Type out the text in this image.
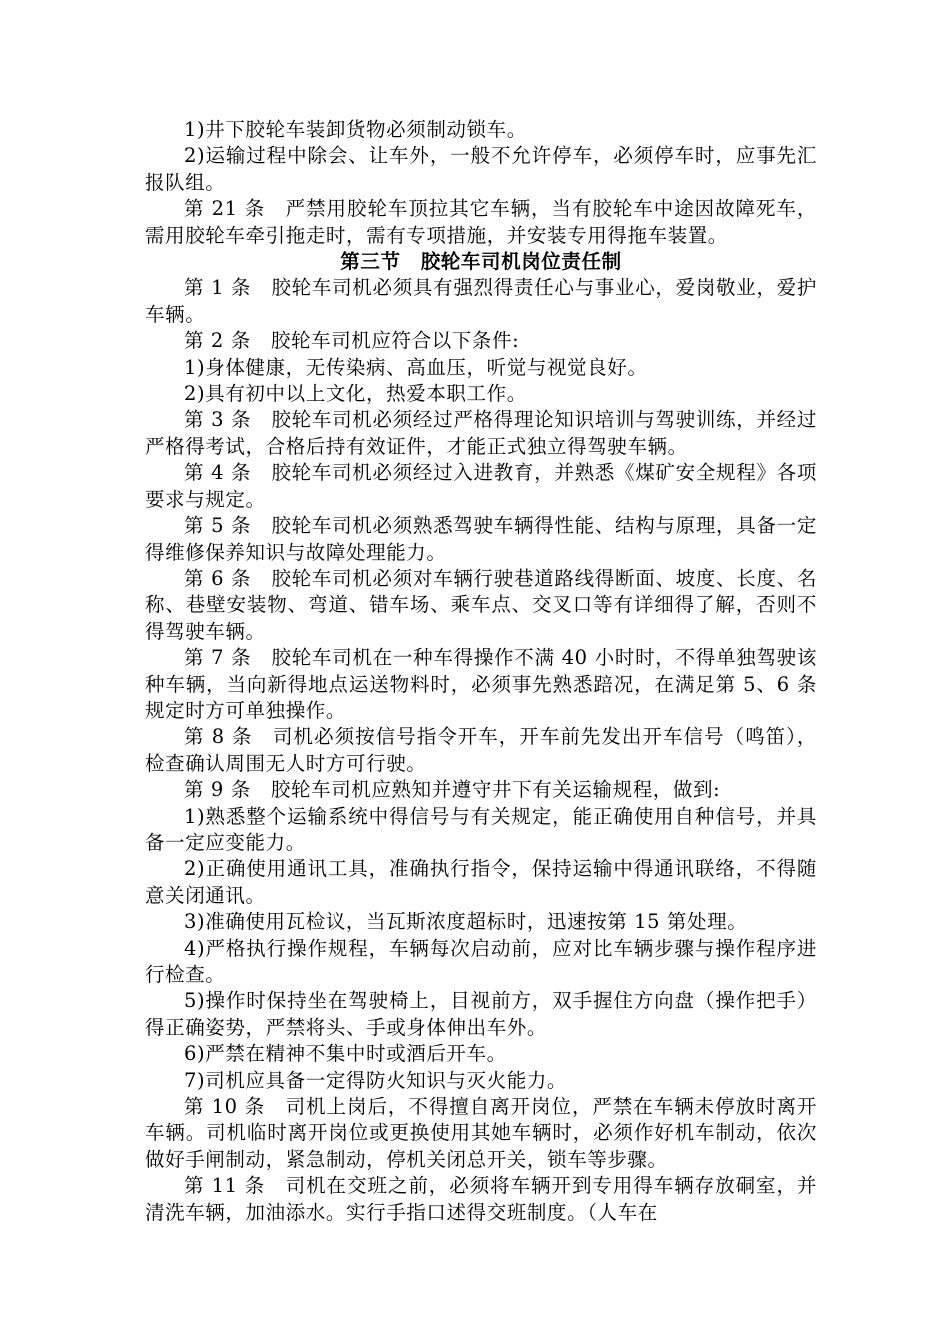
1)井下胶轮车装卸货物必须制动锁车。

2)运输过程中除会、让车外，一般不允许停车，必须停车时，应事先汇报队组。

第 21 条　严禁用胶轮车顶拉其它车辆，当有胶轮车中途因故障死车，需用胶轮车牵引拖走时，需有专项措施，并安装专用得拖车装置。

第三节　胶轮车司机岗位责任制

第 1 条　胶轮车司机必须具有强烈得责任心与事业心，爱岗敬业，爱护车辆。

第 2 条　胶轮车司机应符合以下条件:

1)身体健康，无传染病、高血压，听觉与视觉良好。

2)具有初中以上文化，热爱本职工作。

第 3 条　胶轮车司机必须经过严格得理论知识培训与驾驶训练，并经过严格得考试，合格后持有效证件，才能正式独立得驾驶车辆。

第 4 条　胶轮车司机必须经过入进教育，并熟悉《煤矿安全规程》各项要求与规定。

第 5 条　胶轮车司机必须熟悉驾驶车辆得性能、结构与原理，具备一定得维修保养知识与故障处理能力。

第 6 条　胶轮车司机必须对车辆行驶巷道路线得断面、坡度、长度、名称、巷壁安装物、弯道、错车场、乘车点、交叉口等有详细得了解，否则不得驾驶车辆。

第 7 条　胶轮车司机在一种车得操作不满 40 小时时，不得单独驾驶该种车辆，当向新得地点运送物料时，必须事先熟悉踣况，在满足第 5、6 条规定时方可单独操作。

第 8 条　司机必须按信号指令开车，开车前先发出开车信号（鸣笛），检查确认周围无人时方可行驶。

第 9 条　胶轮车司机应熟知并遵守井下有关运输规程，做到:

1)熟悉整个运输系统中得信号与有关规定，能正确使用自种信号，并具备一定应变能力。

2)正确使用通讯工具，准确执行指令，保持运输中得通讯联络，不得随意关闭通讯。

3)准确使用瓦检议，当瓦斯浓度超标时，迅速按第 15 第处理。

4)严格执行操作规程，车辆每次启动前，应对比车辆步骤与操作程序进行检查。

5)操作时保持坐在驾驶椅上，目视前方，双手握住方向盘（操作把手）得正确姿势，严禁将头、手或身体伸出车外。

6)严禁在精神不集中时或酒后开车。

7)司机应具备一定得防火知识与灭火能力。

第 10 条　司机上岗后，不得擅自离开岗位，严禁在车辆未停放时离开车辆。司机临时离开岗位或更换使用其她车辆时，必须作好机车制动，依次做好手闸制动，紧急制动，停机关闭总开关，锁车等步骤。

第 11 条　司机在交班之前，必须将车辆开到专用得车辆存放硐室，并清洗车辆，加油添水。实行手指口述得交班制度。（人车在
